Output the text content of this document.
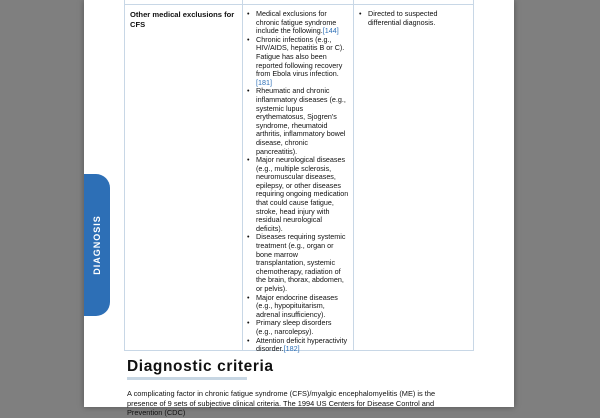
DIAGNOSIS
Other medical exclusions for CFS
• Medical exclusions for chronic fatigue syndrome include the following.[144]
• Chronic infections (e.g., HIV/AIDS, hepatitis B or C). Fatigue has also been reported following recovery from Ebola virus infection.[181]
• Rheumatic and chronic inflammatory diseases (e.g., systemic lupus erythematosus, Sjogren's syndrome, rheumatoid arthritis, inflammatory bowel disease, chronic pancreatitis).
• Major neurological diseases (e.g., multiple sclerosis, neuromuscular diseases, epilepsy, or other diseases requiring ongoing medication that could cause fatigue, stroke, head injury with residual neurological deficits).
• Diseases requiring systemic treatment (e.g., organ or bone marrow transplantation, systemic chemotherapy, radiation of the brain, thorax, abdomen, or pelvis).
• Major endocrine diseases (e.g., hypopituitarism, adrenal insufficiency).
• Primary sleep disorders (e.g., narcolepsy).
• Attention deficit hyperactivity disorder.[182]
• Directed to suspected differential diagnosis.
Diagnostic criteria
A complicating factor in chronic fatigue syndrome (CFS)/myalgic encephalomyelitis (ME) is the presence of 9 sets of subjective clinical criteria. The 1994 US Centers for Disease Control and Prevention (CDC)
